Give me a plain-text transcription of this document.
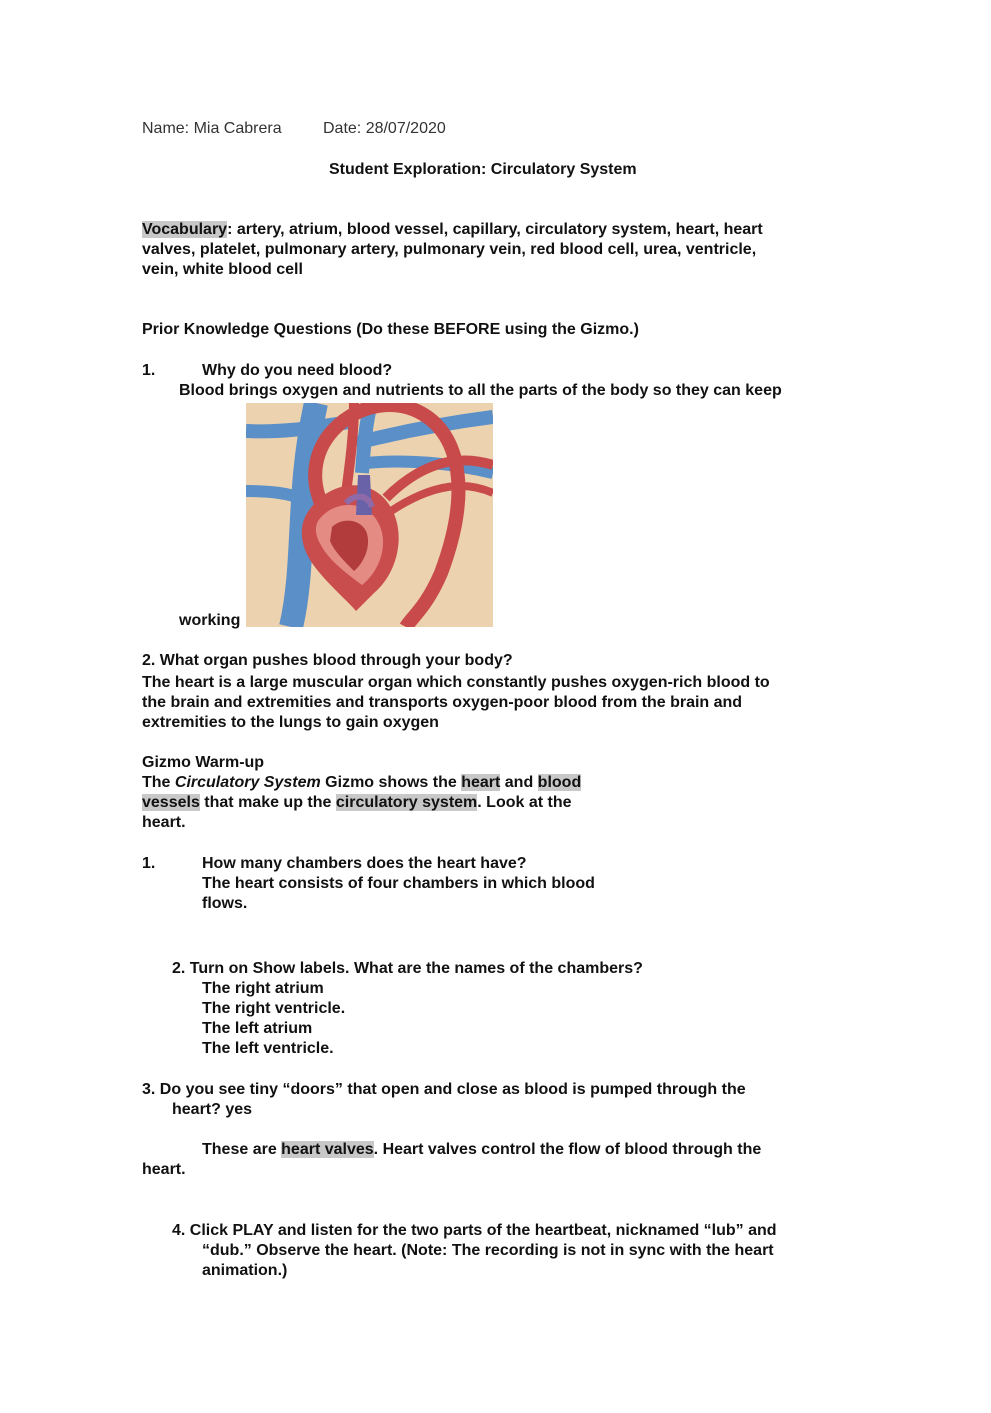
Name: Mia Cabrera	Date: 28/07/2020
Student Exploration: Circulatory System
Vocabulary: artery, atrium, blood vessel, capillary, circulatory system, heart, heart
valves, platelet, pulmonary artery, pulmonary vein, red blood cell, urea, ventricle,
vein, white blood cell
Prior Knowledge Questions (Do these BEFORE using the Gizmo.)
1.	Why do you need blood?
Blood brings oxygen and nutrients to all the parts of the body so they can keep
working
2. What organ pushes blood through your body?
The heart is a large muscular organ which constantly pushes oxygen-rich blood to
the brain and extremities and transports oxygen-poor blood from the brain and
extremities to the lungs to gain oxygen
Gizmo Warm-up
The Circulatory System Gizmo shows the heart and blood
vessels that make up the circulatory system. Look at the
heart.
1.	How many chambers does the heart have?
The heart consists of four chambers in which blood
flows.
2. Turn on Show labels. What are the names of the chambers?
The right atrium
The right ventricle.
The left atrium
The left ventricle.
3. Do you see tiny “doors” that open and close as blood is pumped through the
heart? yes
These are heart valves. Heart valves control the flow of blood through the
heart.
4. Click PLAY and listen for the two parts of the heartbeat, nicknamed “lub” and
“dub.” Observe the heart. (Note: The recording is not in sync with the heart
animation.)
